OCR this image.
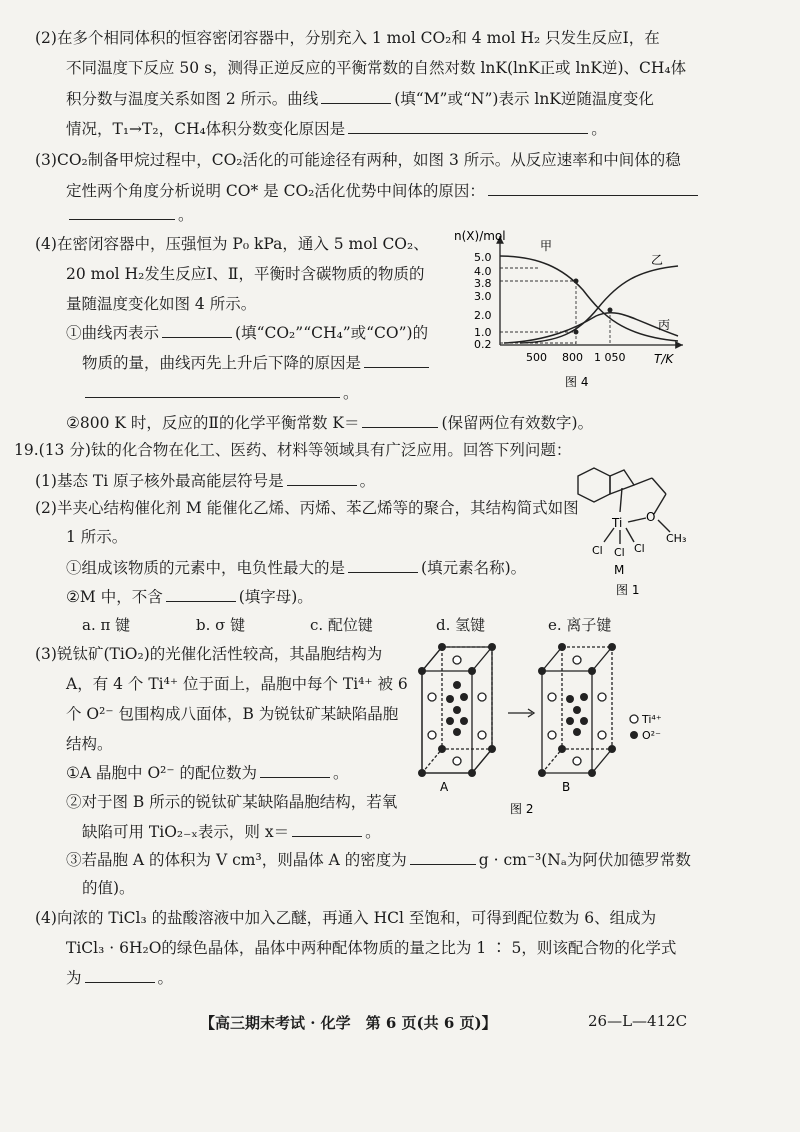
(2)在多个相同体积的恒容密闭容器中，分别充入 1 mol CO₂和 4 mol H₂ 只发生反应Ⅰ，在
不同温度下反应 50 s，测得正逆反应的平衡常数的自然对数 lnK(lnK正或 lnK逆)、CH₄体
积分数与温度关系如图 2 所示。曲线	(填“M”或“N”)表示 lnK逆随温度变化
情况，T₁→T₂，CH₄体积分数变化原因是	。
(3)CO₂制备甲烷过程中，CO₂活化的可能途径有两种，如图 3 所示。从反应速率和中间体的稳
定性两个角度分析说明 CO* 是 CO₂活化优势中间体的原因：
。
(4)在密闭容器中，压强恒为 P₀ kPa，通入 5 mol CO₂、
20 mol H₂发生反应Ⅰ、Ⅱ，平衡时含碳物质的物质的
量随温度变化如图 4 所示。
①曲线丙表示	(填“CO₂”“CH₄”或“CO”)的
物质的量，曲线丙先上升后下降的原因是
。
②800 K 时，反应的Ⅱ的化学平衡常数 K＝	(保留两位有效数字)。
n(X)/mol
T/K
5.0
4.0
3.8
3.0
2.0
1.0
0.2
500 800 1 050
甲
乙
丙
图 4
19.(13 分)钛的化合物在化工、医药、材料等领域具有广泛应用。回答下列问题：
(1)基态 Ti 原子核外最高能层符号是	。
(2)半夹心结构催化剂 M 能催化乙烯、丙烯、苯乙烯等的聚合，其结构简式如图
1 所示。
①组成该物质的元素中，电负性最大的是	(填元素名称)。
②M 中，不含	(填字母)。
a. π 键	b. σ 键	c. 配位键	d. 氢键	e. 离子键
Ti O
CH₃
Cl Cl Cl
M
图 1
(3)锐钛矿(TiO₂)的光催化活性较高，其晶胞结构为
A，有 4 个 Ti⁴⁺ 位于面上，晶胞中每个 Ti⁴⁺ 被 6
个 O²⁻ 包围构成八面体，B 为锐钛矿某缺陷晶胞
结构。
①A 晶胞中 O²⁻ 的配位数为	。
②对于图 B 所示的锐钛矿某缺陷晶胞结构，若氧
缺陷可用 TiO₂₋ₓ表示，则 x＝	。
③若晶胞 A 的体积为 V cm³，则晶体 A 的密度为	g · cm⁻³(Nₐ为阿伏加德罗常数
的值)。
Ti⁴⁺
O²⁻
A	B
图 2
(4)向浓的 TiCl₃ 的盐酸溶液中加入乙醚，再通入 HCl 至饱和，可得到配位数为 6、组成为
TiCl₃ · 6H₂O的绿色晶体，晶体中两种配体物质的量之比为 1 ∶ 5，则该配合物的化学式
为	。
【高三期末考试 · 化学　第 6 页(共 6 页)】	26—L—412C
